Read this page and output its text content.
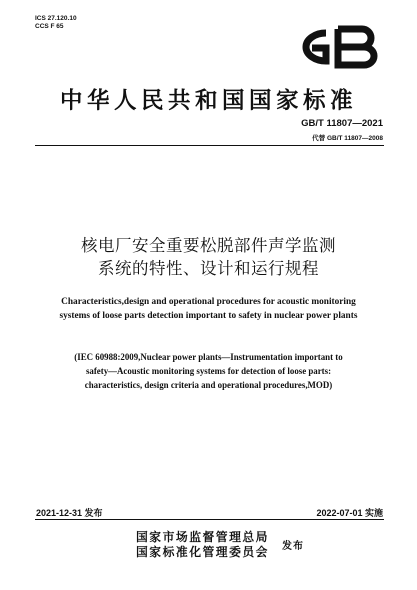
ICS 27.120.10
CCS F 65
中华人民共和国国家标准
GB/T 11807—2021
代替 GB/T 11807—2008
核电厂安全重要松脱部件声学监测
系统的特性、设计和运行规程
Characteristics,design and operational procedures for acoustic monitoring
systems of loose parts detection important to safety in nuclear power plants
(IEC 60988:2009,Nuclear power plants—Instrumentation important to
safety—Acoustic monitoring systems for detection of loose parts:
characteristics, design criteria and operational procedures,MOD)
2021-12-31 发布	2022-07-01 实施
国家市场监督管理总局
国家标准化管理委员会 发布
